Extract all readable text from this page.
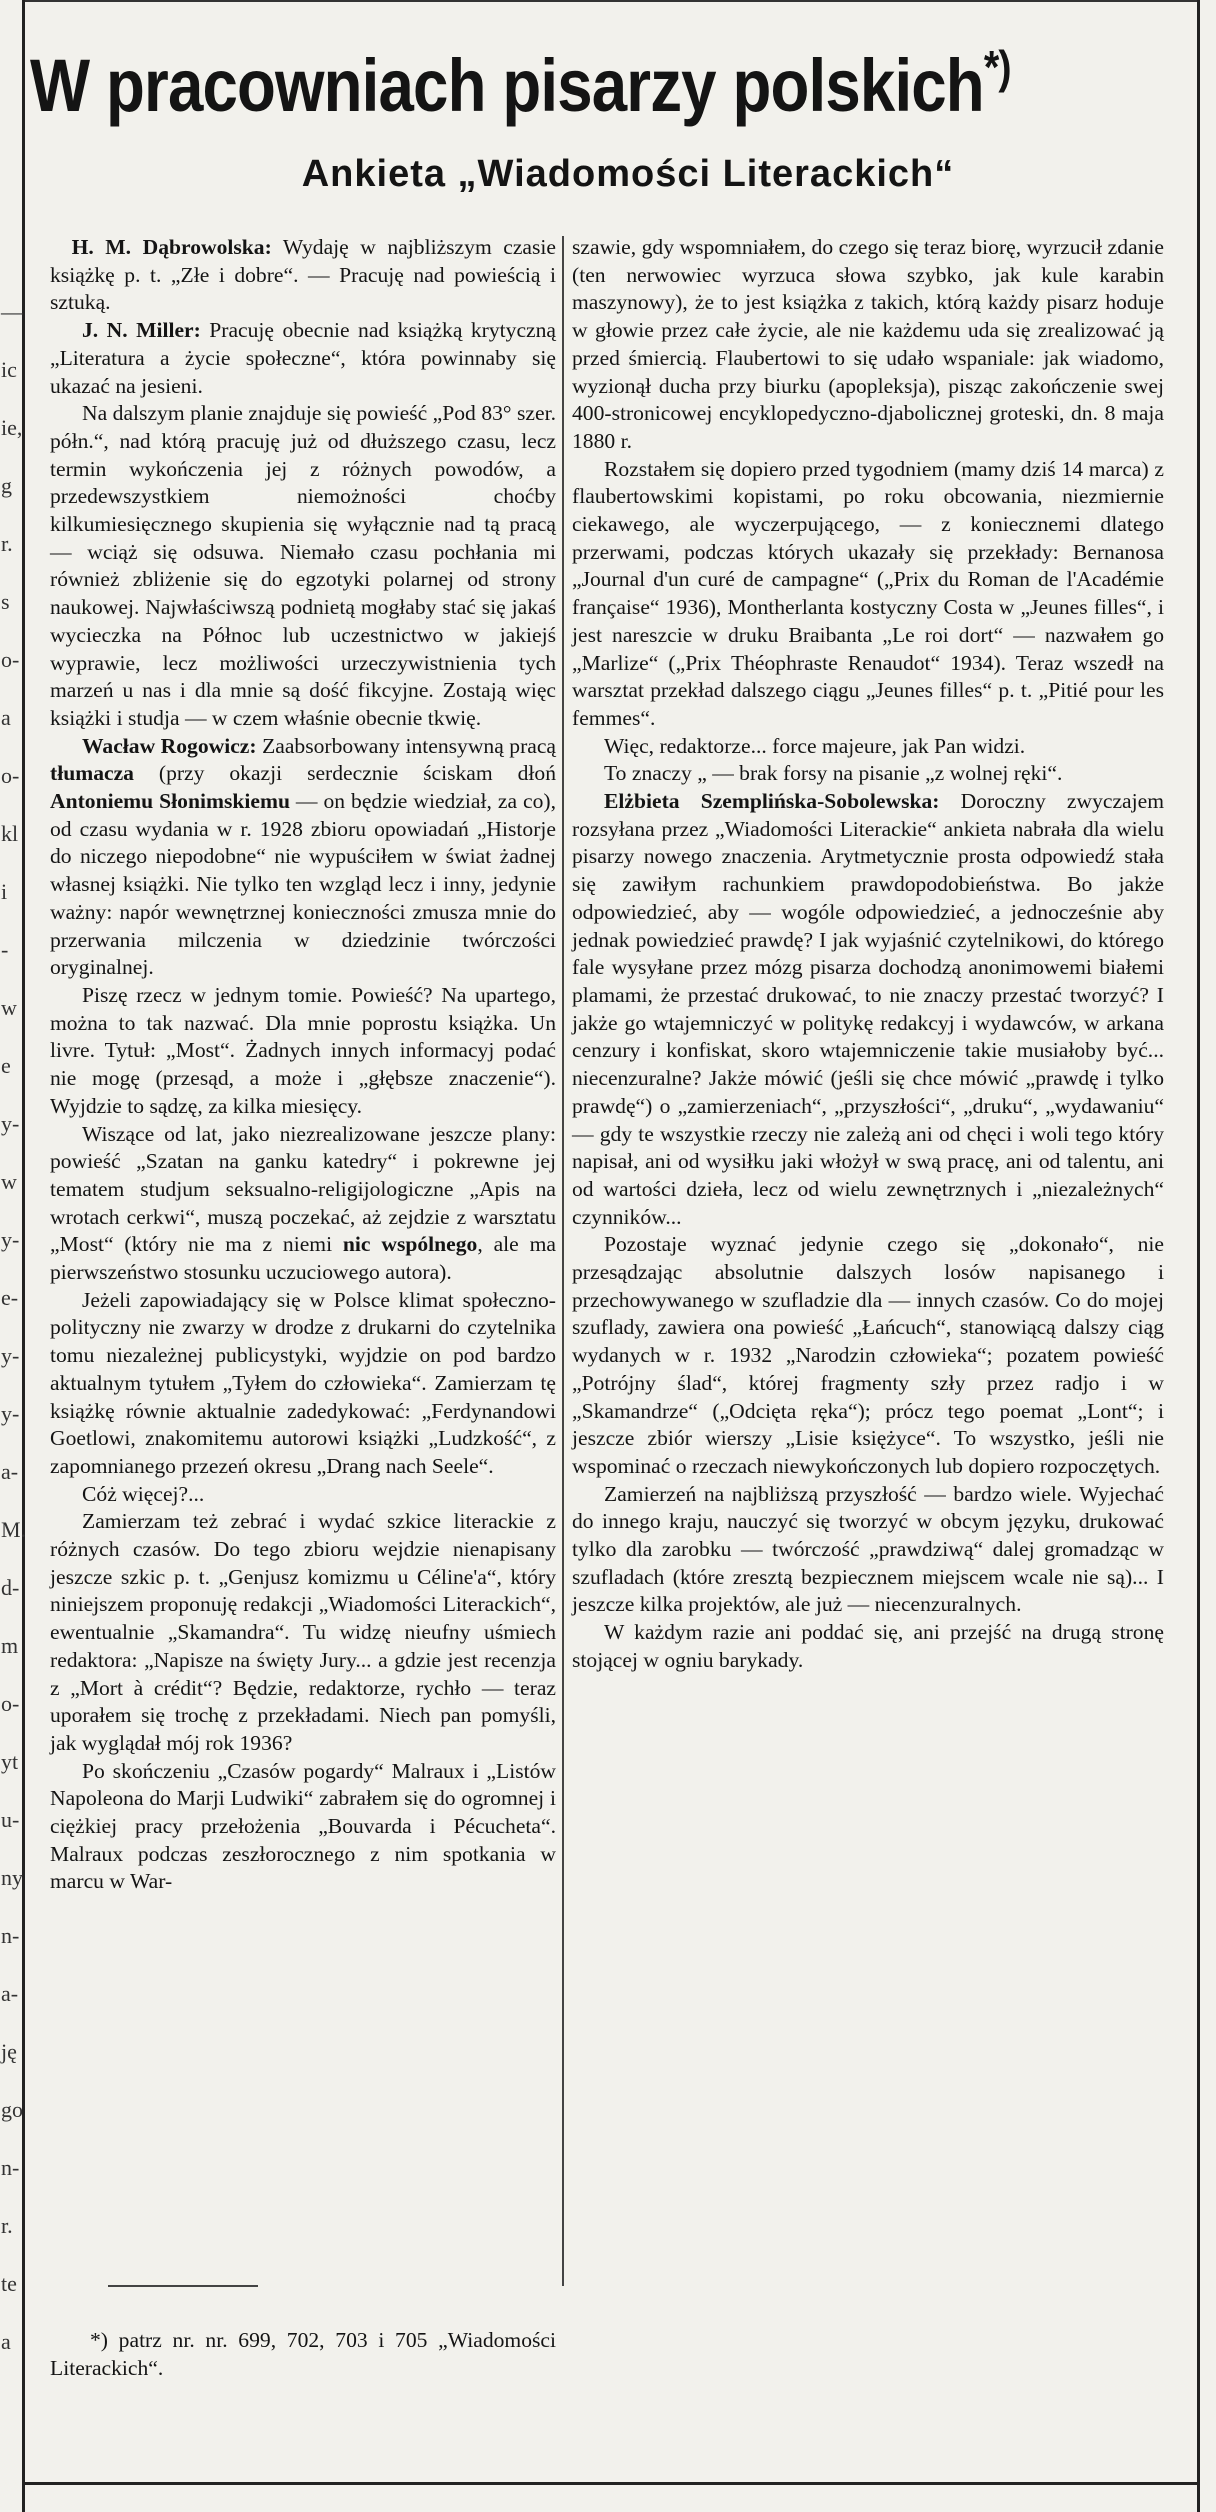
—
ic
ie,
g
r.
s
o-
a
o-
kl
i
-
w
e
y-
w
y-
e-
y-
y-
a-
M.
d-
m
o-
yt
u-
ny
n-
a-
ję
go
n-
r.
te
a
W pracowniach pisarzy polskich*)
Ankieta „Wiadomości Literackich“

 H. M. Dąbrowolska: Wydaję w najbliższym czasie książkę p. t. „Złe i dobre“. — Pracuję nad powieścią i sztuką.

J. N. Miller: Pracuję obecnie nad książką krytyczną „Literatura a życie społeczne“, która powinnaby się ukazać na jesieni.

Na dalszym planie znajduje się powieść „Pod 83° szer. półn.“, nad którą pracuję już od dłuższego czasu, lecz termin wykończenia jej z różnych powodów, a przedewszystkiem niemożności choćby kilkumiesięcznego skupienia się wyłącznie nad tą pracą — wciąż się odsuwa. Niemało czasu pochłania mi również zbliżenie się do egzotyki polarnej od strony naukowej. Najwłaściwszą podnietą mogłaby stać się jakaś wycieczka na Północ lub uczestnictwo w jakiejś wyprawie, lecz możliwości urzeczywistnienia tych marzeń u nas i dla mnie są dość fikcyjne. Zostają więc książki i studja — w czem właśnie obecnie tkwię.

Wacław Rogowicz: Zaabsorbowany intensywną pracą tłumacza (przy okazji serdecznie ściskam dłoń Antoniemu Słonimskiemu — on będzie wiedział, za co), od czasu wydania w r. 1928 zbioru opowiadań „Historje do niczego niepodobne“ nie wypuściłem w świat żadnej własnej książki. Nie tylko ten wzgląd lecz i inny, jedynie ważny: napór wewnętrznej konieczności zmusza mnie do przerwania milczenia w dziedzinie twórczości oryginalnej.

Piszę rzecz w jednym tomie. Powieść? Na upartego, można to tak nazwać. Dla mnie poprostu książka. Un livre. Tytuł: „Most“. Żadnych innych informacyj podać nie mogę (przesąd, a może i „głębsze znaczenie“). Wyjdzie to sądzę, za kilka miesięcy.

Wiszące od lat, jako niezrealizowane jeszcze plany: powieść „Szatan na ganku katedry“ i pokrewne jej tematem studjum seksualno-religijologiczne „Apis na wrotach cerkwi“, muszą poczekać, aż zejdzie z warsztatu „Most“ (który nie ma z niemi nic wspólnego, ale ma pierwszeństwo stosunku uczuciowego autora).

Jeżeli zapowiadający się w Polsce klimat społeczno-polityczny nie zwarzy w drodze z drukarni do czytelnika tomu niezależnej publicystyki, wyjdzie on pod bardzo aktualnym tytułem „Tyłem do człowieka“. Zamierzam tę książkę równie aktualnie zadedykować: „Ferdynandowi Goetlowi, znakomitemu autorowi książki „Ludzkość“, z zapomnianego przezeń okresu „Drang nach Seele“.

Cóż więcej?...

Zamierzam też zebrać i wydać szkice literackie z różnych czasów. Do tego zbioru wejdzie nienapisany jeszcze szkic p. t. „Genjusz komizmu u Céline'a“, który niniejszem proponuję redakcji „Wiadomości Literackich“, ewentualnie „Skamandra“. Tu widzę nieufny uśmiech redaktora: „Napisze na święty Jury... a gdzie jest recenzja z „Mort à crédit“? Będzie, redaktorze, rychło — teraz uporałem się trochę z przekładami. Niech pan pomyśli, jak wyglądał mój rok 1936?

Po skończeniu „Czasów pogardy“ Malraux i „Listów Napoleona do Marji Ludwiki“ zabrałem się do ogromnej i ciężkiej pracy przełożenia „Bouvarda i Pécucheta“. Malraux podczas zeszłorocznego z nim spotkania w marcu w War-

szawie, gdy wspomniałem, do czego się teraz biorę, wyrzucił zdanie (ten nerwowiec wyrzuca słowa szybko, jak kule karabin maszynowy), że to jest książka z takich, którą każdy pisarz hoduje w głowie przez całe życie, ale nie każdemu uda się zrealizować ją przed śmiercią. Flaubertowi to się udało wspaniale: jak wiadomo, wyzionął ducha przy biurku (apopleksja), pisząc zakończenie swej 400-stronicowej encyklopedyczno-djabolicznej groteski, dn. 8 maja 1880 r.

Rozstałem się dopiero przed tygodniem (mamy dziś 14 marca) z flaubertowskimi kopistami, po roku obcowania, niezmiernie ciekawego, ale wyczerpującego, — z koniecznemi dlatego przerwami, podczas których ukazały się przekłady: Bernanosa „Journal d'un curé de campagne“ („Prix du Roman de l'Académie française“ 1936), Montherlanta kostyczny Costa w „Jeunes filles“, i jest nareszcie w druku Braibanta „Le roi dort“ — nazwałem go „Marlize“ („Prix Théophraste Renaudot“ 1934). Teraz wszedł na warsztat przekład dalszego ciągu „Jeunes filles“ p. t. „Pitié pour les femmes“.

Więc, redaktorze... force majeure, jak Pan widzi.

To znaczy „ — brak forsy na pisanie „z wolnej ręki“.

Elżbieta Szemplińska-Sobolewska: Doroczny zwyczajem rozsyłana przez „Wiadomości Literackie“ ankieta nabrała dla wielu pisarzy nowego znaczenia. Arytmetycznie prosta odpowiedź stała się zawiłym rachunkiem prawdopodobieństwa. Bo jakże odpowiedzieć, aby — wogóle odpowiedzieć, a jednocześnie aby jednak powiedzieć prawdę? I jak wyjaśnić czytelnikowi, do którego fale wysyłane przez mózg pisarza dochodzą anonimowemi białemi plamami, że przestać drukować, to nie znaczy przestać tworzyć? I jakże go wtajemniczyć w politykę redakcyj i wydawców, w arkana cenzury i konfiskat, skoro wtajemniczenie takie musiałoby być... niecenzuralne? Jakże mówić (jeśli się chce mówić „prawdę i tylko prawdę“) o „zamierzeniach“, „przyszłości“, „druku“, „wydawaniu“ — gdy te wszystkie rzeczy nie zależą ani od chęci i woli tego który napisał, ani od wysiłku jaki włożył w swą pracę, ani od talentu, ani od wartości dzieła, lecz od wielu zewnętrznych i „niezależnych“ czynników...

Pozostaje wyznać jedynie czego się „dokonało“, nie przesądzając absolutnie dalszych losów napisanego i przechowywanego w szufladzie dla — innych czasów. Co do mojej szuflady, zawiera ona powieść „Łańcuch“, stanowiącą dalszy ciąg wydanych w r. 1932 „Narodzin człowieka“; pozatem powieść „Potrójny ślad“, której fragmenty szły przez radjo i w „Skamandrze“ („Odcięta ręka“); prócz tego poemat „Lont“; i jeszcze zbiór wierszy „Lisie księżyce“. To wszystko, jeśli nie wspominać o rzeczach niewykończonych lub dopiero rozpoczętych.

Zamierzeń na najbliższą przyszłość — bardzo wiele. Wyjechać do innego kraju, nauczyć się tworzyć w obcym języku, drukować tylko dla zarobku — twórczość „prawdziwą“ dalej gromadząc w szufladach (które zresztą bezpiecznem miejscem wcale nie są)... I jeszcze kilka projektów, ale już — niecenzuralnych.

W każdym razie ani poddać się, ani przejść na drugą stronę stojącej w ogniu barykady.

*) patrz nr. nr. 699, 702, 703 i 705 „Wiadomości Literackich“.
